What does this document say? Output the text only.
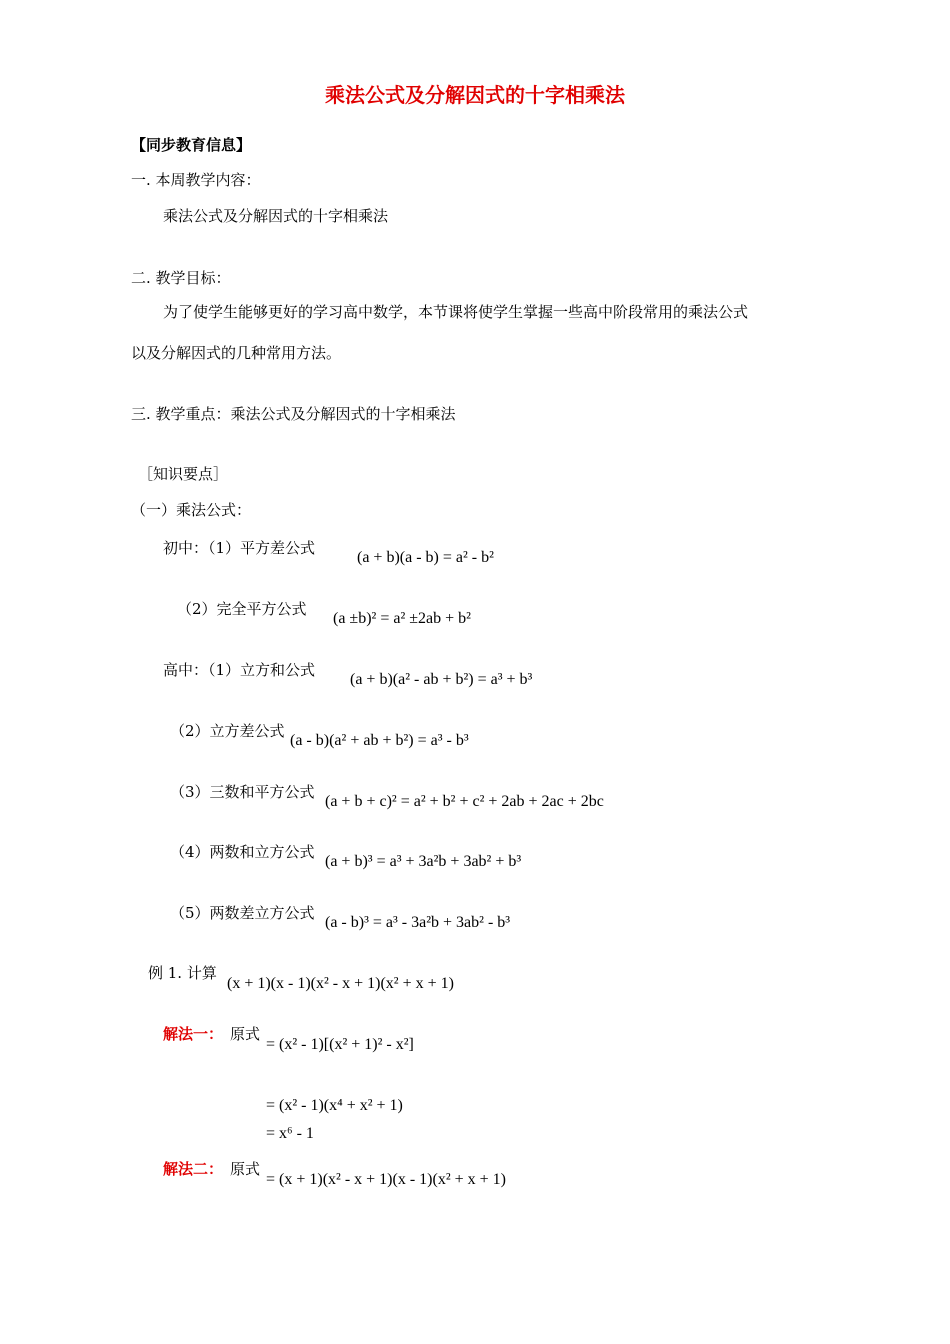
乘法公式及分解因式的十字相乘法
【同步教育信息】
一. 本周教学内容：
乘法公式及分解因式的十字相乘法
二. 教学目标：
为了使学生能够更好的学习高中数学，本节课将使学生掌握一些高中阶段常用的乘法公式
以及分解因式的几种常用方法。
三. 教学重点：乘法公式及分解因式的十字相乘法
［知识要点］
（一）乘法公式：
初中：（1）平方差公式
(a + b)(a - b) = a² - b²
（2）完全平方公式
(a ±b)² = a² ±2ab + b²
高中：（1）立方和公式
(a + b)(a² - ab + b²) = a³ + b³
（2）立方差公式
(a - b)(a² + ab + b²) = a³ - b³
（3）三数和平方公式
(a + b + c)² = a² + b² + c² + 2ab + 2ac + 2bc
（4）两数和立方公式
(a + b)³ = a³ + 3a²b + 3ab² + b³
（5）两数差立方公式
(a - b)³ = a³ - 3a²b + 3ab² - b³
例 1. 计算
(x + 1)(x - 1)(x² - x + 1)(x² + x + 1)
解法一： 原式
= (x² - 1)[(x² + 1)² - x²]
= (x² - 1)(x⁴ + x² + 1)
= x⁶ - 1
解法二： 原式
= (x + 1)(x² - x + 1)(x - 1)(x² + x + 1)
